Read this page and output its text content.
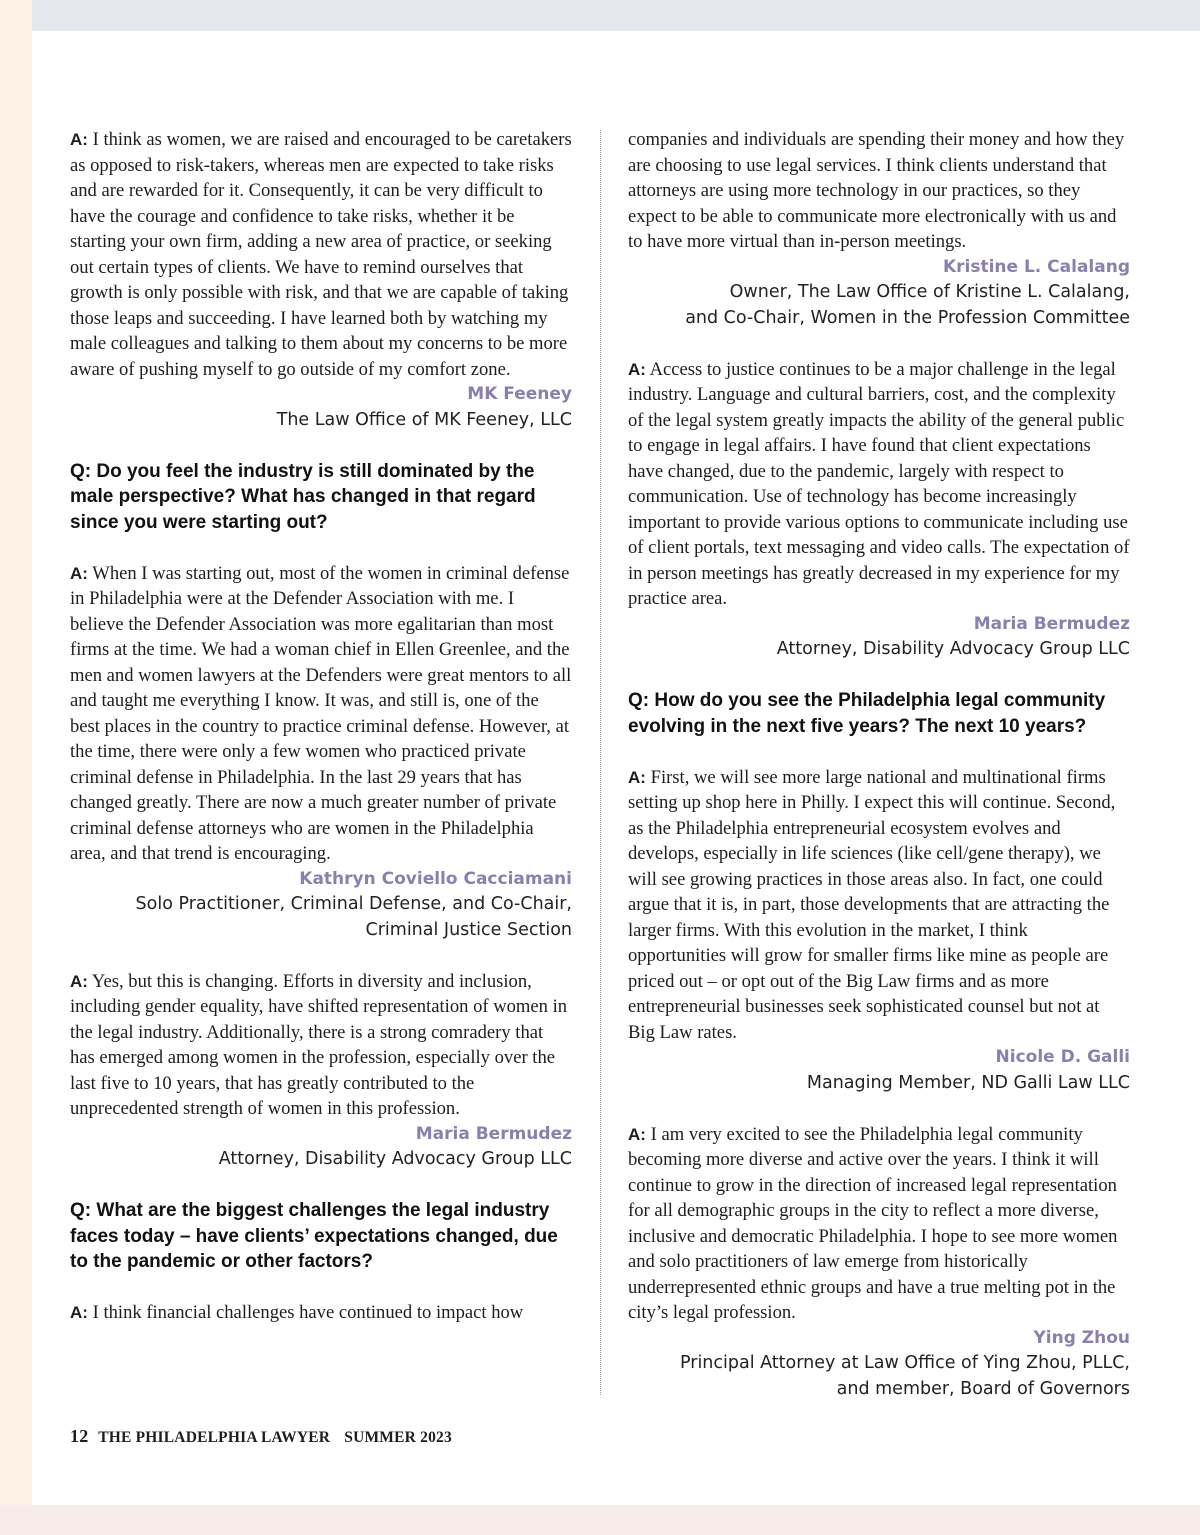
A: I think as women, we are raised and encouraged to be caretakers as opposed to risk-takers, whereas men are expected to take risks and are rewarded for it. Consequently, it can be very difficult to have the courage and confidence to take risks, whether it be starting your own firm, adding a new area of practice, or seeking out certain types of clients. We have to remind ourselves that growth is only possible with risk, and that we are capable of taking those leaps and succeeding. I have learned both by watching my male colleagues and talking to them about my concerns to be more aware of pushing myself to go outside of my comfort zone.

MK Feeney

The Law Office of MK Feeney, LLC

Q: Do you feel the industry is still dominated by the male perspective? What has changed in that regard since you were starting out?

A: When I was starting out, most of the women in criminal defense in Philadelphia were at the Defender Association with me. I believe the Defender Association was more egalitarian than most firms at the time. We had a woman chief in Ellen Greenlee, and the men and women lawyers at the Defenders were great mentors to all and taught me everything I know. It was, and still is, one of the best places in the country to practice criminal defense. However, at the time, there were only a few women who practiced private criminal defense in Philadelphia. In the last 29 years that has changed greatly. There are now a much greater number of private criminal defense attorneys who are women in the Philadelphia area, and that trend is encouraging.

Kathryn Coviello Cacciamani

Solo Practitioner, Criminal Defense, and Co-Chair,

Criminal Justice Section

A: Yes, but this is changing. Efforts in diversity and inclusion, including gender equality, have shifted representation of women in the legal industry. Additionally, there is a strong comradery that has emerged among women in the profession, especially over the last five to 10 years, that has greatly contributed to the unprecedented strength of women in this profession.

Maria Bermudez

Attorney, Disability Advocacy Group LLC

Q: What are the biggest challenges the legal industry faces today – have clients’ expectations changed, due to the pandemic or other factors?

A: I think financial challenges have continued to impact how

companies and individuals are spending their money and how they are choosing to use legal services. I think clients understand that attorneys are using more technology in our practices, so they expect to be able to communicate more electronically with us and to have more virtual than in-person meetings.

Kristine L. Calalang

Owner, The Law Office of Kristine L. Calalang,

and Co-Chair, Women in the Profession Committee

A: Access to justice continues to be a major challenge in the legal industry. Language and cultural barriers, cost, and the complexity of the legal system greatly impacts the ability of the general public to engage in legal affairs. I have found that client expectations have changed, due to the pandemic, largely with respect to communication. Use of technology has become increasingly important to provide various options to communicate including use of client portals, text messaging and video calls. The expectation of in person meetings has greatly decreased in my experience for my practice area.

Maria Bermudez

Attorney, Disability Advocacy Group LLC

Q: How do you see the Philadelphia legal community evolving in the next five years? The next 10 years?

A: First, we will see more large national and multinational firms setting up shop here in Philly. I expect this will continue. Second, as the Philadelphia entrepreneurial ecosystem evolves and develops, especially in life sciences (like cell/gene therapy), we will see growing practices in those areas also. In fact, one could argue that it is, in part, those developments that are attracting the larger firms. With this evolution in the market, I think opportunities will grow for smaller firms like mine as people are priced out – or opt out of the Big Law firms and as more entrepreneurial businesses seek sophisticated counsel but not at Big Law rates.

Nicole D. Galli

Managing Member, ND Galli Law LLC

A: I am very excited to see the Philadelphia legal community becoming more diverse and active over the years. I think it will continue to grow in the direction of increased legal representation for all demographic groups in the city to reflect a more diverse, inclusive and democratic Philadelphia. I hope to see more women and solo practitioners of law emerge from historically underrepresented ethnic groups and have a true melting pot in the city’s legal profession.

Ying Zhou

Principal Attorney at Law Office of Ying Zhou, PLLC,

and member, Board of Governors

12 THE PHILADELPHIA LAWYER SUMMER 2023
